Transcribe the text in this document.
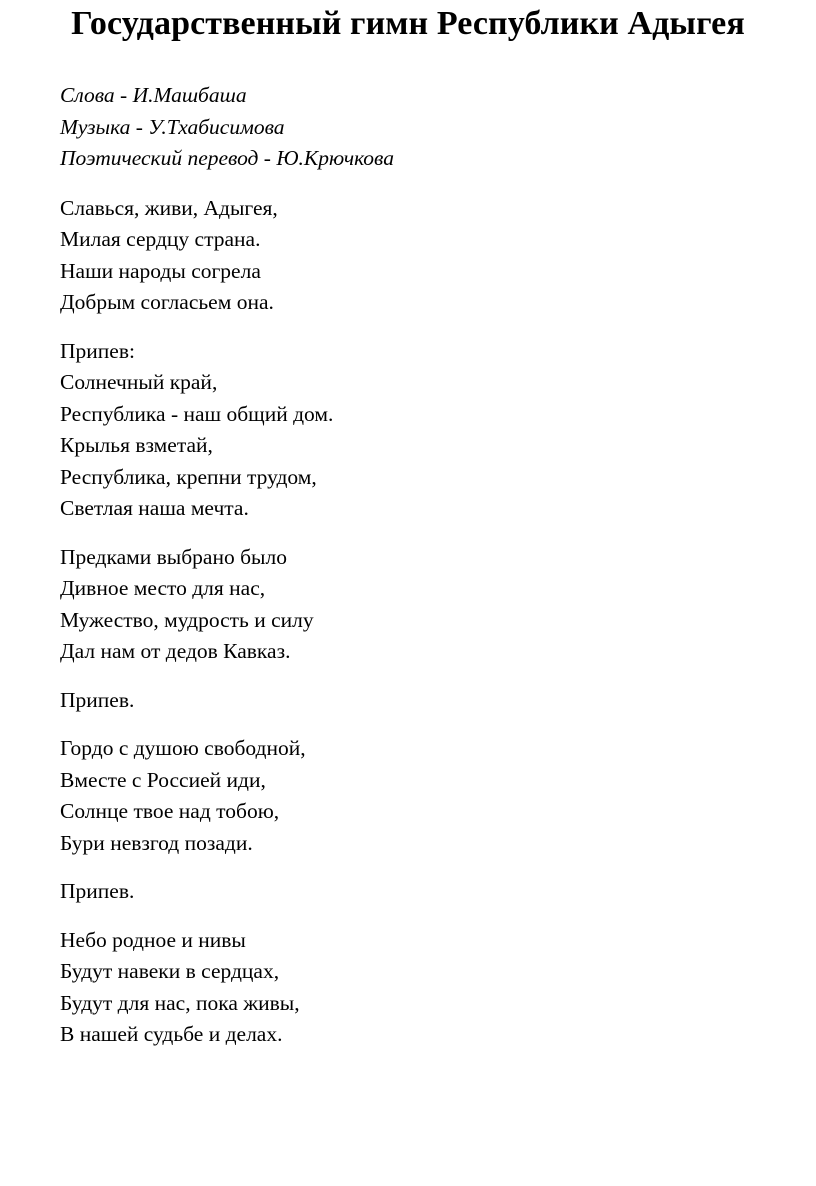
Государственный гимн Республики Адыгея
Слова - И.Машбаша
Музыка - У.Тхабисимова
Поэтический перевод - Ю.Крючкова
Славься, живи, Адыгея,
Милая сердцу страна.
Наши народы согрела
Добрым согласьем она.
Припев:
Солнечный край,
Республика - наш общий дом.
Крылья взметай,
Республика, крепни трудом,
Светлая наша мечта.
Предками выбрано было
Дивное место для нас,
Мужество, мудрость и силу
Дал нам от дедов Кавказ.
Припев.
Гордо с душою свободной,
Вместе с Россией иди,
Солнце твое над тобою,
Бури невзгод позади.
Припев.
Небо родное и нивы
Будут навеки в сердцах,
Будут для нас, пока живы,
В нашей судьбе и делах.
